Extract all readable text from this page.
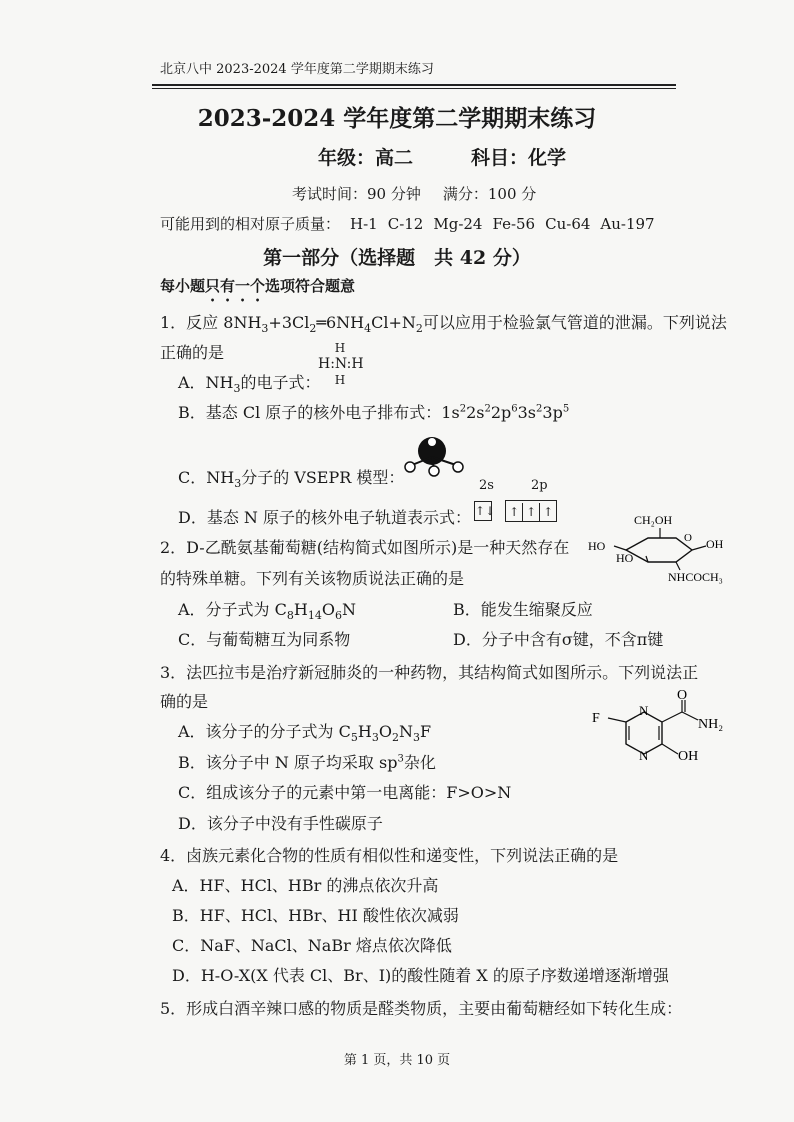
北京八中 2023-2024 学年度第二学期期末练习
2023-2024 学年度第二学期期末练习
年级：高二	科目：化学
考试时间：90 分钟 满分：100 分
可能用到的相对原子质量： H-1 C-12 Mg-24 Fe-56 Cu-64 Au-197
第一部分（选择题　共 42 分）
每小题只有一个选项符合题意
1．反应 $8NH_3+3Cl_2═6NH_4Cl+N_2$可以应用于检验氯气管道的泄漏。下列说法
正确的是
A．$NH_3$的电子式：
H
H:N:H
H
B．基态 Cl 原子的核外电子排布式：$1s^22s^22p^63s^23p^5$
C．$NH_3$分子的 VSEPR 模型：
D．基态 N 原子的核外电子轨道表示式：
2s	2p
↑↓ ↑ ↑ ↑
2．D-乙酰氨基葡萄糖(结构简式如图所示)是一种天然存在
的特殊单糖。下列有关该物质说法正确的是
CH₂OH
O
HO
HO
OH
NHCOCH₃
A．分子式为 $C_8H_{14}O_6N$	B．能发生缩聚反应
C．与葡萄糖互为同系物	D．分子中含有σ键，不含π键
3．法匹拉韦是治疗新冠肺炎的一种药物，其结构简式如图所示。下列说法正
确的是
F
N
N
O
NH₂
OH
A．该分子的分子式为 $C_5H_3O_2N_3F$
B．该分子中 N 原子均采取 $sp^3$杂化
C．组成该分子的元素中第一电离能：F>O>N
D．该分子中没有手性碳原子
4．卤族元素化合物的性质有相似性和递变性，下列说法正确的是
A．HF、HCl、HBr 的沸点依次升高
B．HF、HCl、HBr、HI 酸性依次减弱
C．NaF、NaCl、NaBr 熔点依次降低
D．H-O-X(X 代表 Cl、Br、I)的酸性随着 X 的原子序数递增逐渐增强
5．形成白酒辛辣口感的物质是醛类物质，主要由葡萄糖经如下转化生成：
第 1 页，共 10 页
